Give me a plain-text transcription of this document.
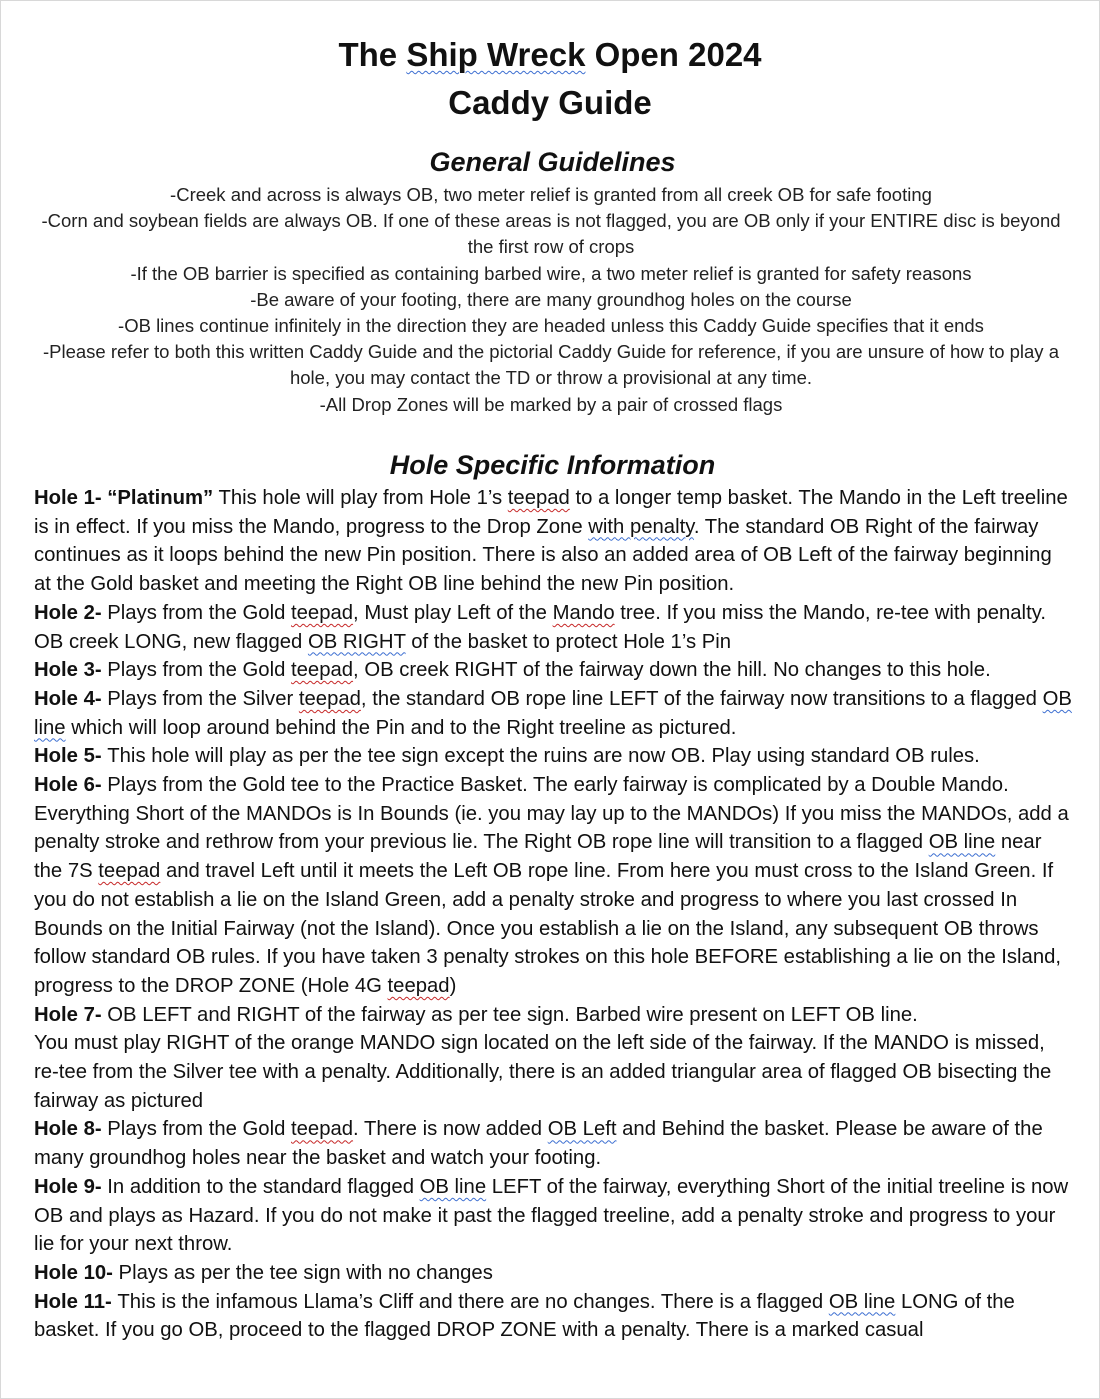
The Ship Wreck Open 2024
Caddy Guide
General Guidelines

-Creek and across is always OB, two meter relief is granted from all creek OB for safe footing

-Corn and soybean fields are always OB. If one of these areas is not flagged, you are OB only if your ENTIRE disc is beyond the first row of crops

-If the OB barrier is specified as containing barbed wire, a two meter relief is granted for safety reasons

-Be aware of your footing, there are many groundhog holes on the course

-OB lines continue infinitely in the direction they are headed unless this Caddy Guide specifies that it ends

-Please refer to both this written Caddy Guide and the pictorial Caddy Guide for reference, if you are unsure of how to play a hole, you may contact the TD or throw a provisional at any time.

-All Drop Zones will be marked by a pair of crossed flags

Hole Specific Information

Hole 1- “Platinum” This hole will play from Hole 1’s teepad to a longer temp basket. The Mando in the Left treeline is in effect. If you miss the Mando, progress to the Drop Zone with penalty. The standard OB Right of the fairway continues as it loops behind the new Pin position. There is also an added area of OB Left of the fairway beginning at the Gold basket and meeting the Right OB line behind the new Pin position.

Hole 2- Plays from the Gold teepad, Must play Left of the Mando tree. If you miss the Mando, re-tee with penalty. OB creek LONG, new flagged OB RIGHT of the basket to protect Hole 1’s Pin

Hole 3- Plays from the Gold teepad, OB creek RIGHT of the fairway down the hill. No changes to this hole.

Hole 4- Plays from the Silver teepad, the standard OB rope line LEFT of the fairway now transitions to a flagged OB line which will loop around behind the Pin and to the Right treeline as pictured.

Hole 5- This hole will play as per the tee sign except the ruins are now OB. Play using standard OB rules.

Hole 6- Plays from the Gold tee to the Practice Basket. The early fairway is complicated by a Double Mando. Everything Short of the MANDOs is In Bounds (ie. you may lay up to the MANDOs) If you miss the MANDOs, add a penalty stroke and rethrow from your previous lie. The Right OB rope line will transition to a flagged OB line near the 7S teepad and travel Left until it meets the Left OB rope line. From here you must cross to the Island Green. If you do not establish a lie on the Island Green, add a penalty stroke and progress to where you last crossed In Bounds on the Initial Fairway (not the Island). Once you establish a lie on the Island, any subsequent OB throws follow standard OB rules. If you have taken 3 penalty strokes on this hole BEFORE establishing a lie on the Island, progress to the DROP ZONE (Hole 4G teepad)

Hole 7- OB LEFT and RIGHT of the fairway as per tee sign. Barbed wire present on LEFT OB line.

You must play RIGHT of the orange MANDO sign located on the left side of the fairway. If the MANDO is missed, re-tee from the Silver tee with a penalty. Additionally, there is an added triangular area of flagged OB bisecting the fairway as pictured

Hole 8- Plays from the Gold teepad. There is now added OB Left and Behind the basket. Please be aware of the many groundhog holes near the basket and watch your footing.

Hole 9- In addition to the standard flagged OB line LEFT of the fairway, everything Short of the initial treeline is now OB and plays as Hazard. If you do not make it past the flagged treeline, add a penalty stroke and progress to your lie for your next throw.

Hole 10- Plays as per the tee sign with no changes

Hole 11- This is the infamous Llama’s Cliff and there are no changes. There is a flagged OB line LONG of the basket. If you go OB, proceed to the flagged DROP ZONE with a penalty. There is a marked casual
